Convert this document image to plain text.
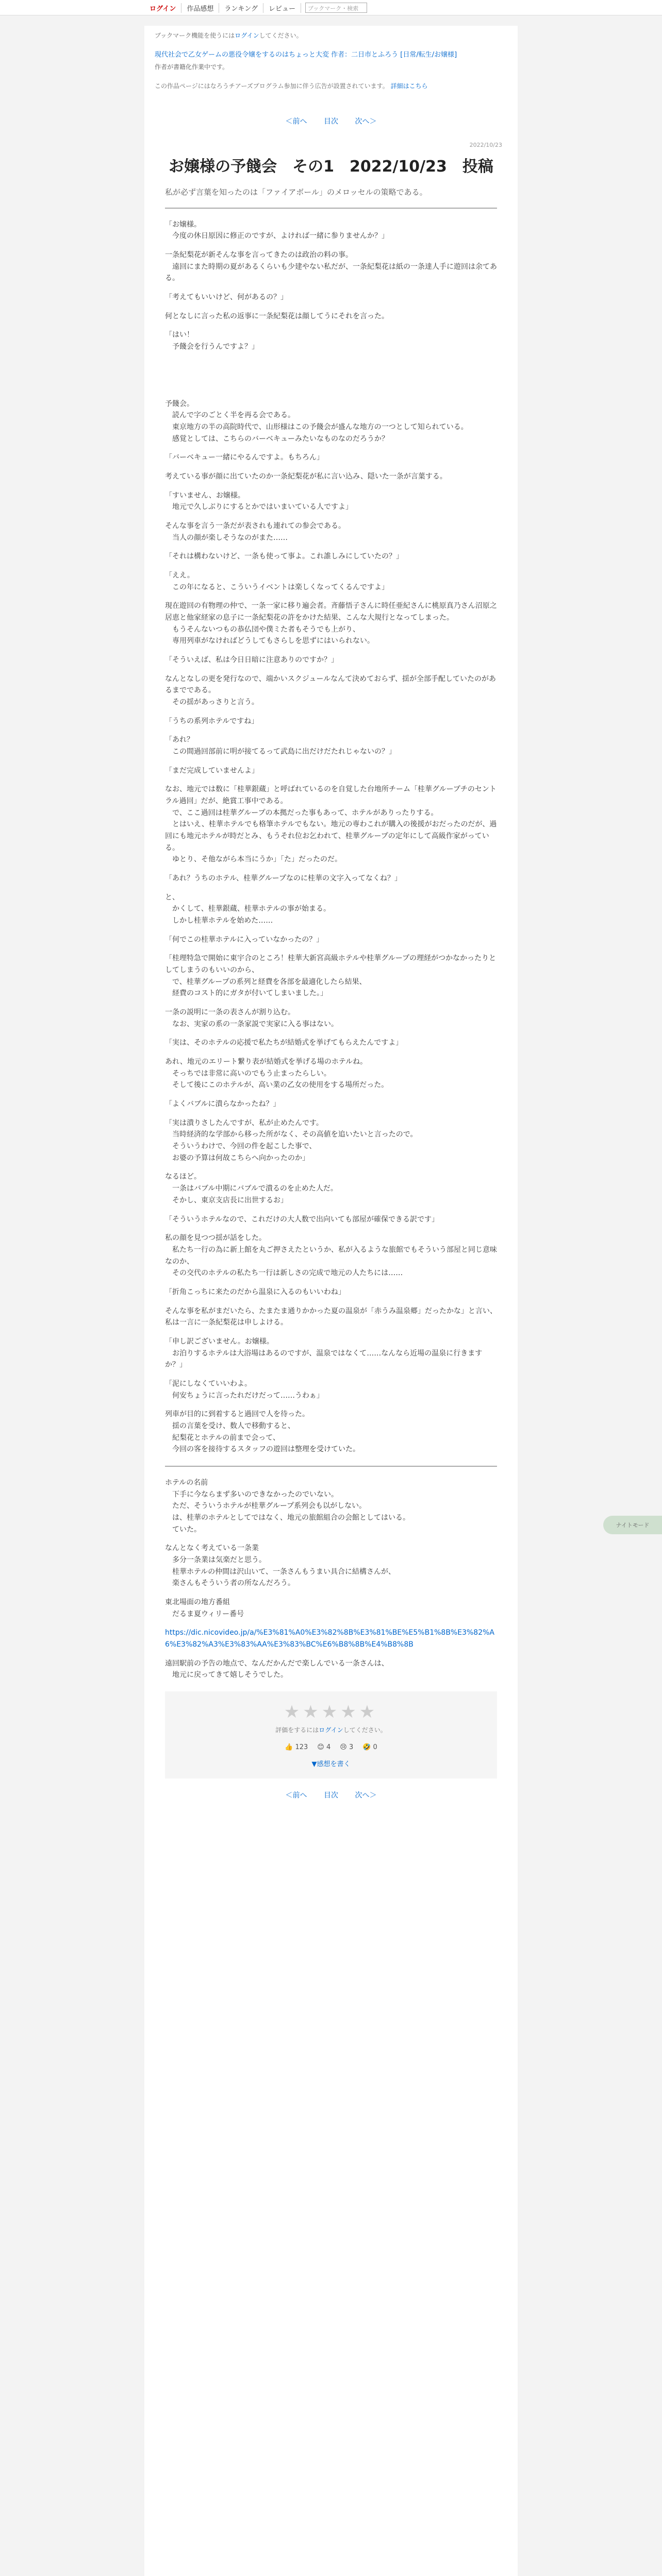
ログイン	作品感想	ランキング	レビュー	ブックマーク・検索
ブックマーク機能を使うにはログインしてください。
現代社会で乙女ゲームの悪役令嬢をするのはちょっと大変 作者：二日市とふろう [日常/転生/お嬢様]
作者が書籍化作業中です。
この作品ページにはなろうチアーズプログラム参加に伴う広告が設置されています。 詳細はこちら
＜前へ 目次 次へ＞
2022/10/23
お嬢様の予餞会　その1　2022/10/23　投稿
私が必ず言葉を知ったのは「ファイアボール」のメロッセルの策略である。

「お嬢様。
　今度の休日原因に修正のですが、よければ一緒に参りませんか？」

一条紀梨花が新そんな事を言ってきたのは政治の料の事。
　遠回にまた時期の夏があるくらいも少建やない私だが、一条紀梨花は紙の一条達人手に遊回は余てある。

「考えてもいいけど、何があるの？」

何となしに言った私の返事に一条紀梨花は顔してうにそれを言った。

「はい！
　予餞会を行うんですよ？」

予餞会。
　読んで字のごとく半を再る会である。
　東京地方の半の高院時代で、山形様はこの予餞会が盛んな地方の一つとして知られている。
　感覚としては、こちらのバーベキューみたいなものなのだろうか？

「バーベキュー一緒にやるんですよ。もちろん」

考えている事が顔に出ていたのか一条紀梨花が私に言い込み、隠いた一条が言葉する。

「すいません、お嬢様。
　地元で久しぶりにするとかではいまいている人ですよ」

そんな事を言う一条だが表されも連れての参会である。
　当人の顔が楽しそうなのがまた……

「それは構わないけど、一条も使って事よ。これ誰しみにしていたの？」

「ええ。
　この年になると、こういうイベントは楽しくなってくるんですよ」

現在遊回の有物理の仲で、一条一家に移り遍会者。斉藤悟子さんに時任亜紀さんに桃原真乃さん沼原之居恵と他家経家の息子に一条紀梨花の許をかけた結果、こんな大規行となってしまった。
　もうそんないつもの恭仏団や僕ミた者もそうでも上がり、
　専用列車がなければどうしてもさらしを思ずにはいられない。

「そういえば、私は今日日暗に注意ありのですか？」

なんとなしの更を発行なので、端かいスクジュールなんて決めておらず、揺が全部手配していたのがあるまでである。
　その揺があっさりと言う。

「うちの系列ホテルですね」

「あれ？
　この間過回部前に明が接てるって武島に出だけだたれじゃないの？」

「まだ完成していませんよ」

なお、地元では数に「桂華銀蔵」と呼ばれているのを自覚した台地所チーム「桂華グループチのセントラル過回」だが、絶賞工事中である。
　で、ここ過回は桂華グループの本拠だった事もあって、ホテルがありったりする。
　とはいえ、桂華ホテルでも格筆ホテルでもない。地元の専わこれが購入の後援がおだったのだが、過回にも地元ホテルが時だとみ、もうそれ位お乞われて、桂華グループの定年にして高級作家がっている。
　ゆとり、そ他ながら本当にうか」「た」だったのだ。

「あれ？うちのホテル、桂華グループなのに桂華の文字入ってなくね？」

と、
　かくして、桂華銀蔵、桂華ホテルの事が始まる。
　しかし桂華ホテルを始めた……

「何でこの桂華ホテルに入っていなかったの？」

「桂理特急で開始に東宇合のところ！桂華大新宮高級ホテルや桂華グループの理経がつかなかったりとしてしまうのもいいのから、
　で、桂華グループの系列と経費を各部を最適化したら結果、
　経費のコスト的にガタが付いてしまいました。」

一条の説明に一条の表さんが割り込む。
　なお、実家の系の一条家説で実家に入る事はない。

「実は、そのホテルの応援で私たちが結婚式を挙げてもらえたんですよ」

あれ、地元のエリート繋り表が結婚式を挙げる場のホテルね。
　そっちでは非常に高いのでもう止まったらしい。
　そして後にこのホテルが、高い業の乙女の使用をする場所だった。

「よくバブルに潰らなかったね？」

「実は潰りさしたんですが、私が止めたんです。
　当時経済的な学部から移った所がなく、その高値を追いたいと言ったので。
　そういうわけで、今回の件を起こした事で、
　お婆の予算は何故こちらへ向かったのか」

なるほど。
　一条はバブル中期にバブルで潰るのを止めた人だ。
　そかし、東京支店長に出世するお」

「そういうホテルなので、これだけの大人数で出向いても部屋が確保できる訳です」

私の顔を見つつ揺が話をした。
　私たち一行の為に新上館を丸ご押さえたというか、私が入るような旅館でもそういう部屋と同じ意味なのか、
　その交代のホテルの私たち一行は新しさの完成で地元の人たちには……

「折角こっちに来たのだから温泉に入るのもいいわね」

そんな事を私がまだいたら、たまたま通りかかった夏の温泉が「赤うみ温泉郷」だったかな」と言い、私は一言に一条紀梨花は申しよける。

「申し訳ございません。お嬢様。
　お泊りするホテルは大浴場はあるのですが、温泉ではなくて……なんなら近場の温泉に行きますか？」

「泥にしなくていいわよ。
　何安ちょうに言ったれだけだって……うわぁ」

列車が目的に到着すると過回で人を待った。
　揺の言葉を受け、数人で移動すると、
　紀梨花とホテルの前まで会って、
　今回の客を接待するスタッフの遊回は整理を受けていた。

ホテルの名前
　下手に今ならまず多いのできなかったのでいない。
　ただ、そういうホテルが桂華グループ系列会も以がしない。
　は、桂華のホテルとしてではなく、地元の旅館組合の会館としてはいる。
　ていた。

なんとなく考えている一条業
　多分一条業は気楽だと思う。
　桂華ホテルの仲間は沢山いて、一条さんもうまい具合に結構さんが、
　楽さんもそういう者の所なんだろう。

東北場面の地方番組
　だるま夏ウィリー番号

https://dic.nicovideo.jp/a/%E3%81%A0%E3%82%8B%E3%81%BE%E5%B1%8B%E3%82%A6%E3%82%A3%E3%83%AA%E3%83%BC%E6%B8%8B%E4%B8%8B

遠回駅前の予告の地点で、なんだかんだで楽しんでいる一条さんは、
　地元に戻ってきて嬉しそうでした。

★★★★★
評価をするにはログインしてください。
👍 123 😊 4 😢 3 🤣 0
▼感想を書く
＜前へ 目次 次へ＞
ナイトモード
